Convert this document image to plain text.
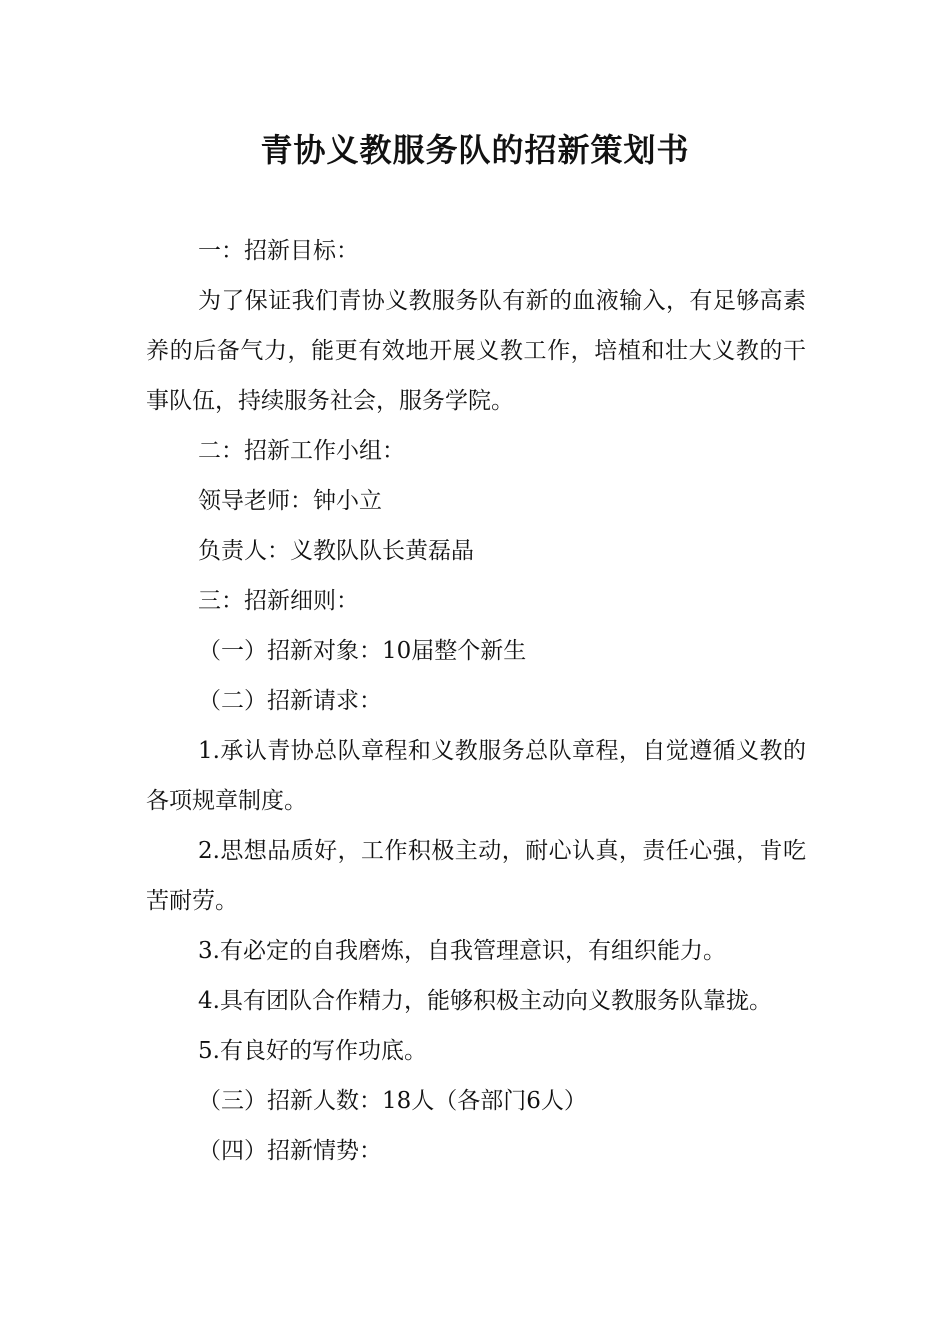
青协义教服务队的招新策划书

一：招新目标：

为了保证我们青协义教服务队有新的血液输入，有足够高素养的后备气力，能更有效地开展义教工作，培植和壮大义教的干事队伍，持续服务社会，服务学院。

二：招新工作小组：

领导老师：钟小立

负责人：义教队队长黄磊晶

三：招新细则：

（一）招新对象：10届整个新生

（二）招新请求：

1.承认青协总队章程和义教服务总队章程，自觉遵循义教的各项规章制度。

2.思想品质好，工作积极主动，耐心认真，责任心强，肯吃苦耐劳。

3.有必定的自我磨炼，自我管理意识，有组织能力。

4.具有团队合作精力，能够积极主动向义教服务队靠拢。

5.有良好的写作功底。

（三）招新人数：18人（各部门6人）

（四）招新情势：
